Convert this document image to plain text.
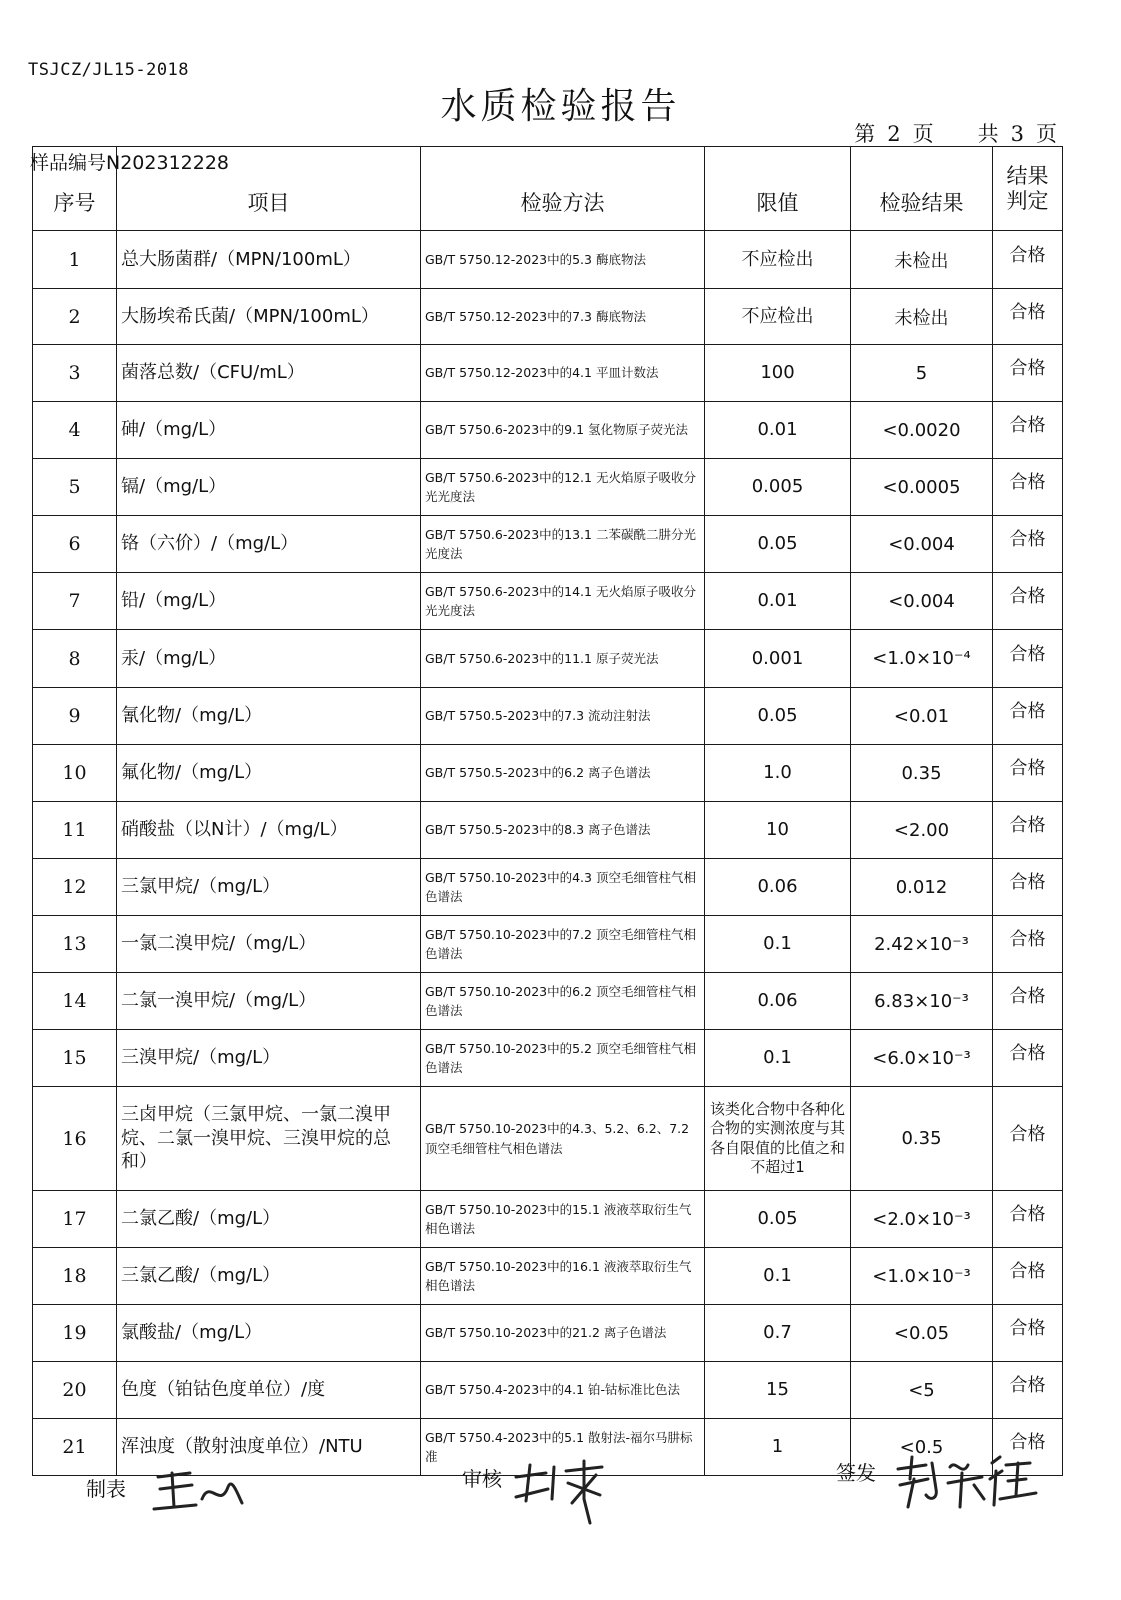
TSJCZ/JL15-2018
水质检验报告
第 2 页 共 3 页
样品编号N202312228
序号	项目	检验方法	限值	检验结果	结果判定
1	总大肠菌群/（MPN/100mL）	GB/T 5750.12-2023中的5.3 酶底物法	不应检出	未检出	合格
2	大肠埃希氏菌/（MPN/100mL）	GB/T 5750.12-2023中的7.3 酶底物法	不应检出	未检出	合格
3	菌落总数/（CFU/mL）	GB/T 5750.12-2023中的4.1 平皿计数法	100	5	合格
4	砷/（mg/L）	GB/T 5750.6-2023中的9.1 氢化物原子荧光法	0.01	<0.0020	合格
5	镉/（mg/L）	GB/T 5750.6-2023中的12.1 无火焰原子吸收分光光度法	0.005	<0.0005	合格
6	铬（六价）/（mg/L）	GB/T 5750.6-2023中的13.1 二苯碳酰二肼分光光度法	0.05	<0.004	合格
7	铅/（mg/L）	GB/T 5750.6-2023中的14.1 无火焰原子吸收分光光度法	0.01	<0.004	合格
8	汞/（mg/L）	GB/T 5750.6-2023中的11.1 原子荧光法	0.001	<1.0×10⁻⁴	合格
9	氰化物/（mg/L）	GB/T 5750.5-2023中的7.3 流动注射法	0.05	<0.01	合格
10	氟化物/（mg/L）	GB/T 5750.5-2023中的6.2 离子色谱法	1.0	0.35	合格
11	硝酸盐（以N计）/（mg/L）	GB/T 5750.5-2023中的8.3 离子色谱法	10	<2.00	合格
12	三氯甲烷/（mg/L）	GB/T 5750.10-2023中的4.3 顶空毛细管柱气相色谱法	0.06	0.012	合格
13	一氯二溴甲烷/（mg/L）	GB/T 5750.10-2023中的7.2 顶空毛细管柱气相色谱法	0.1	2.42×10⁻³	合格
14	二氯一溴甲烷/（mg/L）	GB/T 5750.10-2023中的6.2 顶空毛细管柱气相色谱法	0.06	6.83×10⁻³	合格
15	三溴甲烷/（mg/L）	GB/T 5750.10-2023中的5.2 顶空毛细管柱气相色谱法	0.1	<6.0×10⁻³	合格
16	三卤甲烷（三氯甲烷、一氯二溴甲烷、二氯一溴甲烷、三溴甲烷的总和）	GB/T 5750.10-2023中的4.3、5.2、6.2、7.2 顶空毛细管柱气相色谱法	该类化合物中各种化合物的实测浓度与其各自限值的比值之和不超过1	0.35	合格
17	二氯乙酸/（mg/L）	GB/T 5750.10-2023中的15.1 液液萃取衍生气相色谱法	0.05	<2.0×10⁻³	合格
18	三氯乙酸/（mg/L）	GB/T 5750.10-2023中的16.1 液液萃取衍生气相色谱法	0.1	<1.0×10⁻³	合格
19	氯酸盐/（mg/L）	GB/T 5750.10-2023中的21.2 离子色谱法	0.7	<0.05	合格
20	色度（铂钴色度单位）/度	GB/T 5750.4-2023中的4.1 铂-钴标准比色法	15	<5	合格
21	浑浊度（散射浊度单位）/NTU	GB/T 5750.4-2023中的5.1 散射法-福尔马肼标准	1	<0.5	合格
制表	审核	签发
